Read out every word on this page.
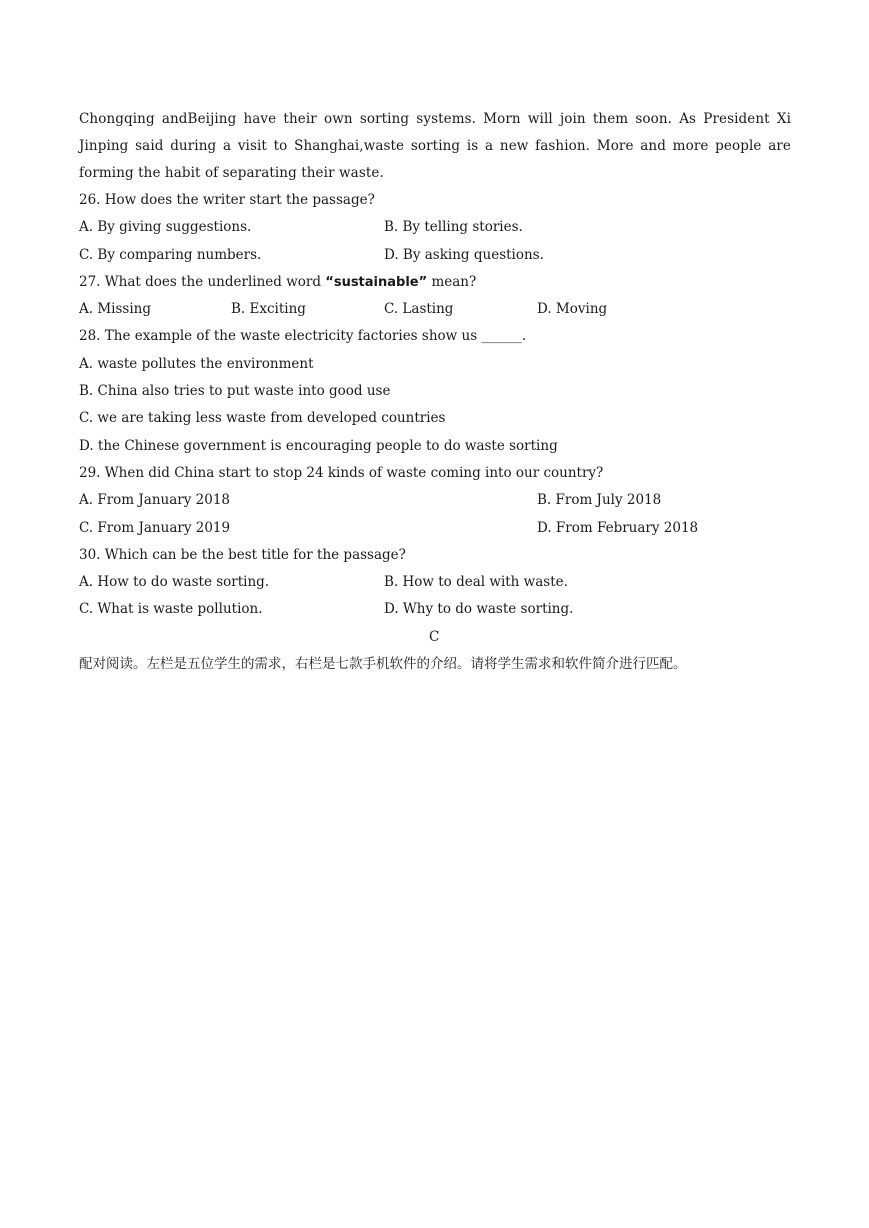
Chongqing andBeijing have their own sorting systems. Morn will join them soon. As President Xi Jinping said during a visit to Shanghai,waste sorting is a new fashion. More and more people are forming the habit of separating their waste.
26. How does the writer start the passage?
A. By giving suggestions.	B. By telling stories.
C. By comparing numbers.	D. By asking questions.
27. What does the underlined word “sustainable” mean?
A. Missing	B. Exciting	C. Lasting	D. Moving
28. The example of the waste electricity factories show us ______.
A. waste pollutes the environment
B. China also tries to put waste into good use
C. we are taking less waste from developed countries
D. the Chinese government is encouraging people to do waste sorting
29. When did China start to stop 24 kinds of waste coming into our country?
A. From January 2018	B. From July 2018
C. From January 2019	D. From February 2018
30. Which can be the best title for the passage?
A. How to do waste sorting.	B. How to deal with waste.
C. What is waste pollution.	D. Why to do waste sorting.
C
配对阅读。左栏是五位学生的需求，右栏是七款手机软件的介绍。请将学生需求和软件简介进行匹配。
